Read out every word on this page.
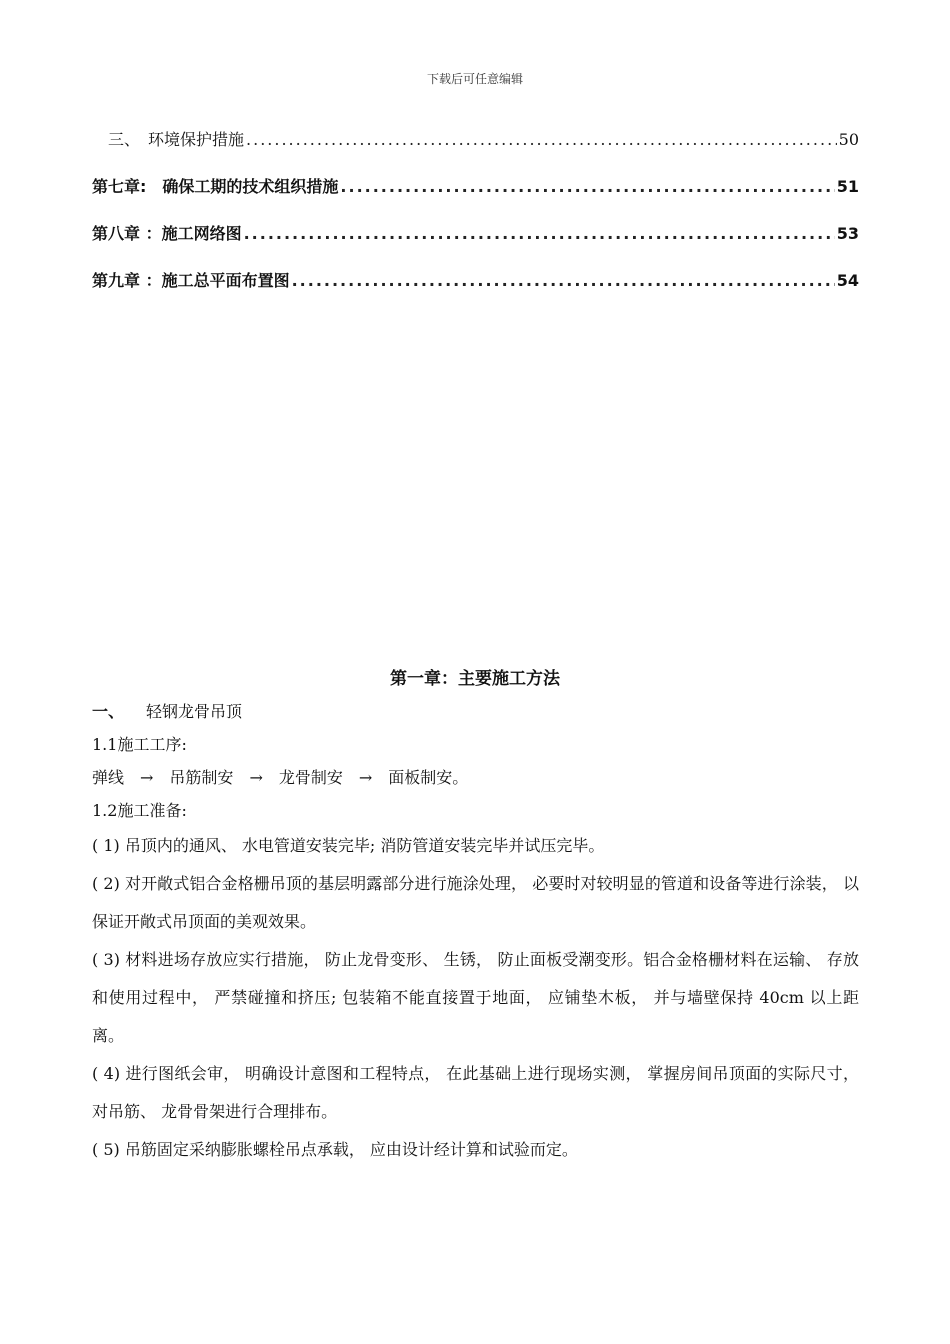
下载后可任意编辑
三、　环境保护措施 .....	50
第七章:　确保工期的技术组织措施 .....	51
第八章 ：施工网络图 .....	53
第九章 ：施工总平面布置图 .....	54
第一章：主要施工方法

一、 轻钢龙骨吊顶

1.1施工工序:

弹线 → 吊筋制安 → 龙骨制安 → 面板制安。

1.2施工准备:

( 1) 吊顶内的通风、 水电管道安装完毕; 消防管道安装完毕并试压完毕。

( 2) 对开敞式铝合金格栅吊顶的基层明露部分进行施涂处理， 必要时对较明显的管道和设备等进行涂装， 以保证开敞式吊顶面的美观效果。

( 3) 材料进场存放应实行措施， 防止龙骨变形、 生锈， 防止面板受潮变形。铝合金格栅材料在运输、 存放和使用过程中， 严禁碰撞和挤压; 包装箱不能直接置于地面， 应铺垫木板， 并与墙壁保持 40cm 以上距离。

( 4) 进行图纸会审， 明确设计意图和工程特点， 在此基础上进行现场实测， 掌握房间吊顶面的实际尺寸， 对吊筋、 龙骨骨架进行合理排布。

( 5) 吊筋固定采纳膨胀螺栓吊点承载， 应由设计经计算和试验而定。
